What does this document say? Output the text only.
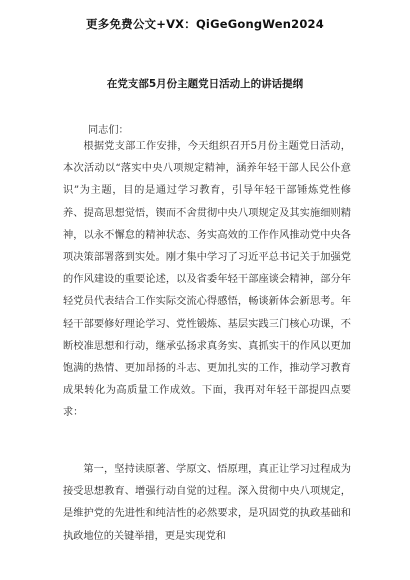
更多免费公文+VX：QiGeGongWen2024
在党支部5月份主题党日活动上的讲话提纲
同志们：

根据党支部工作安排，今天组织召开5月份主题党日活动，本次活动以“落实中央八项规定精神，涵养年轻干部人民公仆意识”为主题，目的是通过学习教育，引导年轻干部锤炼党性修养、提高思想觉悟，锲而不舍贯彻中央八项规定及其实施细则精神，以永不懈怠的精神状态、务实高效的工作作风推动党中央各项决策部署落到实处。刚才集中学习了习近平总书记关于加强党的作风建设的重要论述，以及省委年轻干部座谈会精神，部分年轻党员代表结合工作实际交流心得感悟，畅谈新体会新思考。年轻干部要修好理论学习、党性锻炼、基层实践三门核心功课，不断校准思想和行动，继承弘扬求真务实、真抓实干的作风以更加饱满的热情、更加昂扬的斗志、更加扎实的工作，推动学习教育成果转化为高质量工作成效。下面，我再对年轻干部提四点要求：

第一，坚持读原著、学原文、悟原理，真正让学习过程成为接受思想教育、增强行动自觉的过程。深入贯彻中央八项规定，是维护党的先进性和纯洁性的必然要求，是巩固党的执政基础和执政地位的关键举措，更是实现党和
